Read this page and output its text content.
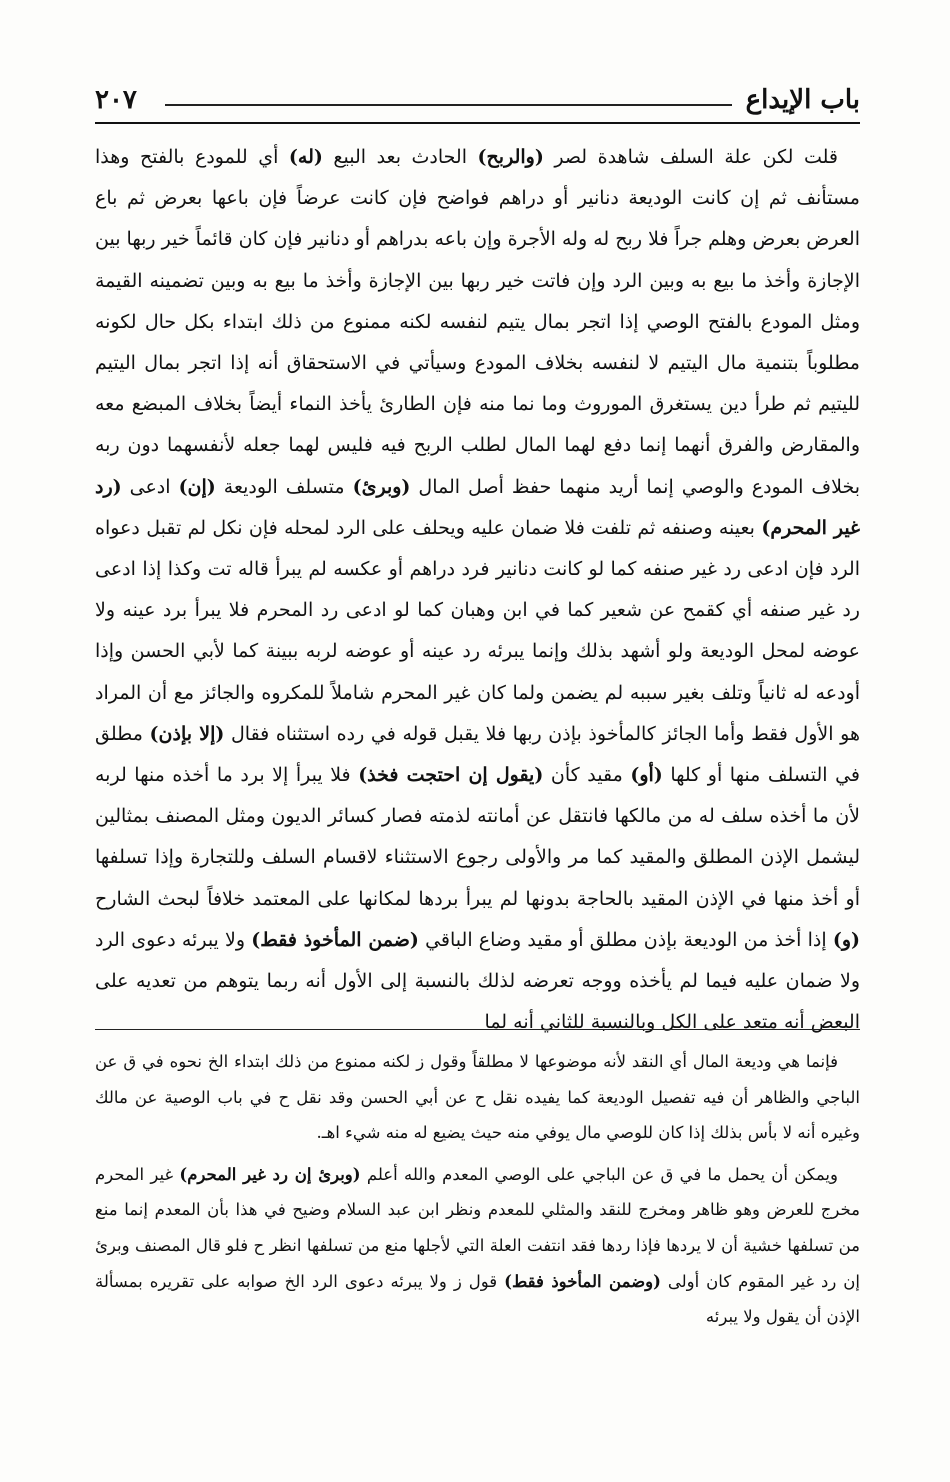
باب الإيداع
٢٠٧

قلت لكن علة السلف شاهدة لصر (والربح) الحادث بعد البيع (له) أي للمودع بالفتح وهذا مستأنف ثم إن كانت الوديعة دنانير أو دراهم فواضح فإن كانت عرضاً فإن باعها بعرض ثم باع العرض بعرض وهلم جراً فلا ربح له وله الأجرة وإن باعه بدراهم أو دنانير فإن كان قائماً خير ربها بين الإجازة وأخذ ما بيع به وبين الرد وإن فاتت خير ربها بين الإجازة وأخذ ما بيع به وبين تضمينه القيمة ومثل المودع بالفتح الوصي إذا اتجر بمال يتيم لنفسه لكنه ممنوع من ذلك ابتداء بكل حال لكونه مطلوباً بتنمية مال اليتيم لا لنفسه بخلاف المودع وسيأتي في الاستحقاق أنه إذا اتجر بمال اليتيم لليتيم ثم طرأ دين يستغرق الموروث وما نما منه فإن الطارئ يأخذ النماء أيضاً بخلاف المبضع معه والمقارض والفرق أنهما إنما دفع لهما المال لطلب الربح فيه فليس لهما جعله لأنفسهما دون ربه بخلاف المودع والوصي إنما أريد منهما حفظ أصل المال (وبرئ) متسلف الوديعة (إن) ادعى (رد غير المحرم) بعينه وصنفه ثم تلفت فلا ضمان عليه ويحلف على الرد لمحله فإن نكل لم تقبل دعواه الرد فإن ادعى رد غير صنفه كما لو كانت دنانير فرد دراهم أو عكسه لم يبرأ قاله تت وكذا إذا ادعى رد غير صنفه أي كقمح عن شعير كما في ابن وهبان كما لو ادعى رد المحرم فلا يبرأ برد عينه ولا عوضه لمحل الوديعة ولو أشهد بذلك وإنما يبرئه رد عينه أو عوضه لربه ببينة كما لأبي الحسن وإذا أودعه له ثانياً وتلف بغير سببه لم يضمن ولما كان غير المحرم شاملاً للمكروه والجائز مع أن المراد هو الأول فقط وأما الجائز كالمأخوذ بإذن ربها فلا يقبل قوله في رده استثناه فقال (إلا بإذن) مطلق في التسلف منها أو كلها (أو) مقيد كأن (يقول إن احتجت فخذ) فلا يبرأ إلا برد ما أخذه منها لربه لأن ما أخذه سلف له من مالكها فانتقل عن أمانته لذمته فصار كسائر الديون ومثل المصنف بمثالين ليشمل الإذن المطلق والمقيد كما مر والأولى رجوع الاستثناء لاقسام السلف وللتجارة وإذا تسلفها أو أخذ منها في الإذن المقيد بالحاجة بدونها لم يبرأ بردها لمكانها على المعتمد خلافاً لبحث الشارح (و) إذا أخذ من الوديعة بإذن مطلق أو مقيد وضاع الباقي (ضمن المأخوذ فقط) ولا يبرئه دعوى الرد ولا ضمان عليه فيما لم يأخذه ووجه تعرضه لذلك بالنسبة إلى الأول أنه ربما يتوهم من تعديه على البعض أنه متعد على الكل وبالنسبة للثاني أنه لما

فإنما هي وديعة المال أي النقد لأنه موضوعها لا مطلقاً وقول ز لكنه ممنوع من ذلك ابتداء الخ نحوه في ق عن الباجي والظاهر أن فيه تفصيل الوديعة كما يفيده نقل ح عن أبي الحسن وقد نقل ح في باب الوصية عن مالك وغيره أنه لا بأس بذلك إذا كان للوصي مال يوفي منه حيث يضيع له منه شيء اهـ.

ويمكن أن يحمل ما في ق عن الباجي على الوصي المعدم والله أعلم (وبرئ إن رد غير المحرم) غير المحرم مخرج للعرض وهو ظاهر ومخرج للنقد والمثلي للمعدم ونظر ابن عبد السلام وضيح في هذا بأن المعدم إنما منع من تسلفها خشية أن لا يردها فإذا ردها فقد انتفت العلة التي لأجلها منع من تسلفها انظر ح فلو قال المصنف وبرئ إن رد غير المقوم كان أولى (وضمن المأخوذ فقط) قول ز ولا يبرئه دعوى الرد الخ صوابه على تقريره بمسألة الإذن أن يقول ولا يبرئه
